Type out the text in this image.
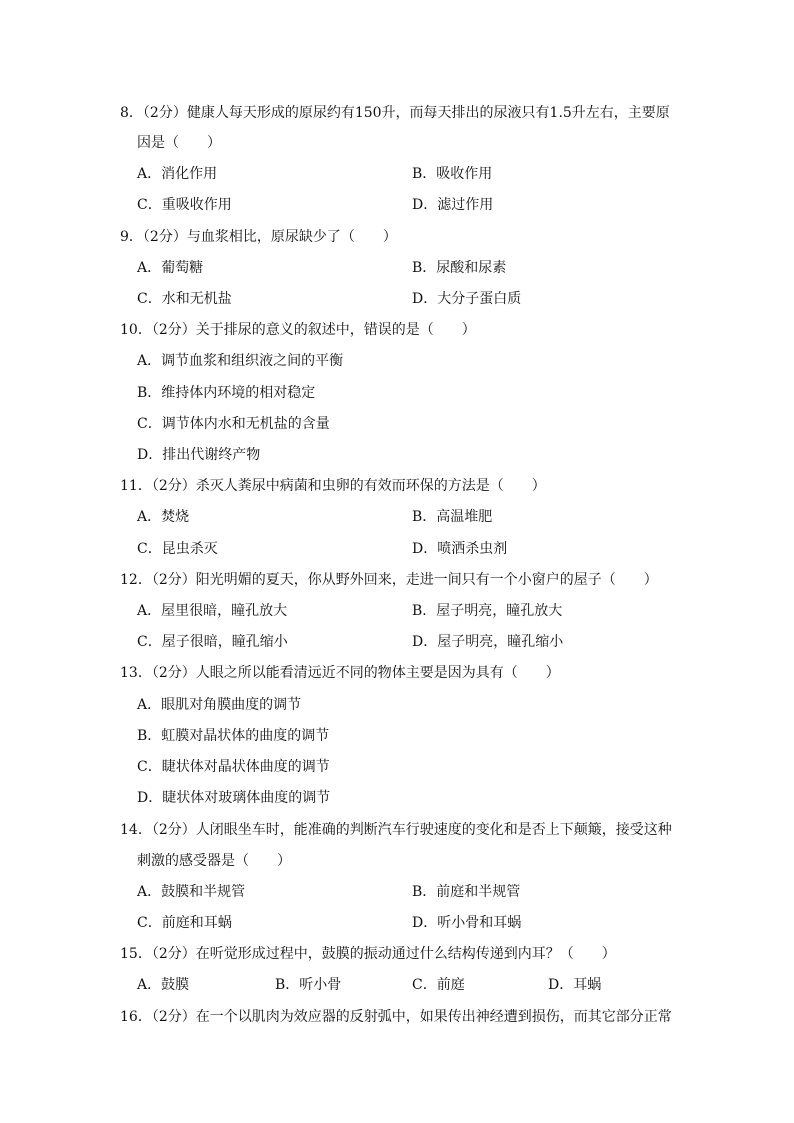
8．（2分）健康人每天形成的原尿约有150升，而每天排出的尿液只有1.5升左右，主要原
因是（　　）
A．消化作用	B．吸收作用
C．重吸收作用	D．滤过作用
9．（2分）与血浆相比，原尿缺少了（　　）
A．葡萄糖	B．尿酸和尿素
C．水和无机盐	D．大分子蛋白质
10．（2分）关于排尿的意义的叙述中，错误的是（　　）
A．调节血浆和组织液之间的平衡
B．维持体内环境的相对稳定
C．调节体内水和无机盐的含量
D．排出代谢终产物
11．（2分）杀灭人粪尿中病菌和虫卵的有效而环保的方法是（　　）
A．焚烧	B．高温堆肥
C．昆虫杀灭	D．喷洒杀虫剂
12．（2分）阳光明媚的夏天，你从野外回来，走进一间只有一个小窗户的屋子（　　）
A．屋里很暗，瞳孔放大	B．屋子明亮，瞳孔放大
C．屋子很暗，瞳孔缩小	D．屋子明亮，瞳孔缩小
13．（2分）人眼之所以能看清远近不同的物体主要是因为具有（　　）
A．眼肌对角膜曲度的调节
B．虹膜对晶状体的曲度的调节
C．睫状体对晶状体曲度的调节
D．睫状体对玻璃体曲度的调节
14．（2分）人闭眼坐车时，能准确的判断汽车行驶速度的变化和是否上下颠簸，接受这种
刺激的感受器是（　　）
A．鼓膜和半规管	B．前庭和半规管
C．前庭和耳蜗	D．听小骨和耳蜗
15．（2分）在听觉形成过程中，鼓膜的振动通过什么结构传递到内耳？（　　）
A．鼓膜	B．听小骨	C．前庭	D．耳蜗
16．（2分）在一个以肌肉为效应器的反射弧中，如果传出神经遭到损伤，而其它部分正常
